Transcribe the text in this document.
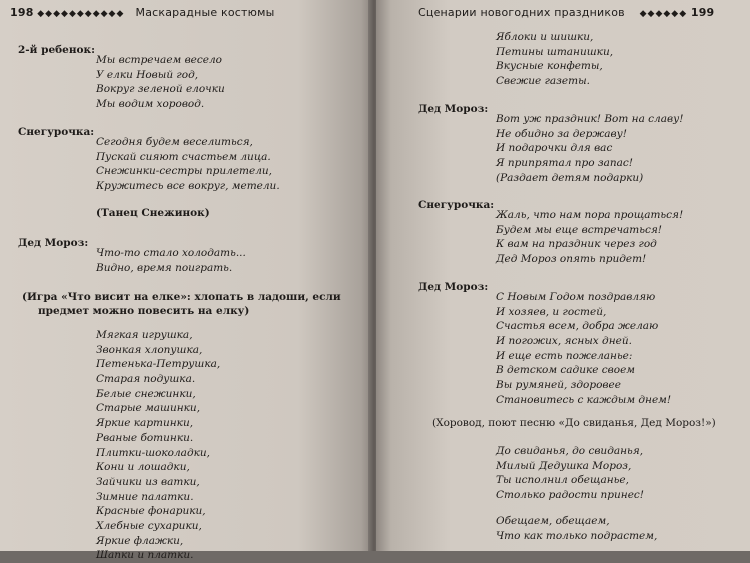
198 ◆◆◆◆◆◆◆◆◆◆◆ Маскарадные костюмы
2-й ребенок:
Мы встречаем весело
У елки Новый год,
Вокруг зеленой елочки
Мы водим хоровод.
Снегурочка:
Сегодня будем веселиться,
Пускай сияют счастьем лица.
Снежинки-сестры прилетели,
Кружитесь все вокруг, метели.
(Танец Снежинок)
Дед Мороз:
Что-то стало холодать...
Видно, время поиграть.
(Игра «Что висит на елке»: хлопать в ладоши, если
предмет можно повесить на елку)
Мягкая игрушка,
Звонкая хлопушка,
Петенька-Петрушка,
Старая подушка.
Белые снежинки,
Старые машинки,
Яркие картинки,
Рваные ботинки.
Плитки-шоколадки,
Кони и лошадки,
Зайчики из ватки,
Зимние палатки.
Красные фонарики,
Хлебные сухарики,
Яркие флажки,
Шапки и платки.
Сценарии новогодних праздников ◆◆◆◆◆◆ 199
Яблоки и шишки,
Петины штанишки,
Вкусные конфеты,
Свежие газеты.
Дед Мороз:
Вот уж праздник! Вот на славу!
Не обидно за державу!
И подарочки для вас
Я припрятал про запас!
(Раздает детям подарки)
Снегурочка:
Жаль, что нам пора прощаться!
Будем мы еще встречаться!
К вам на праздник через год
Дед Мороз опять придет!
Дед Мороз:
С Новым Годом поздравляю
И хозяев, и гостей,
Счастья всем, добра желаю
И погожих, ясных дней.
И еще есть пожеланье:
В детском садике своем
Вы румяней, здоровее
Становитесь с каждым днем!
(Хоровод, поют песню «До свиданья, Дед Мороз!»)
До свиданья, до свиданья,
Милый Дедушка Мороз,
Ты исполнил обещанье,
Столько радости принес!
Обещаем, обещаем,
Что как только подрастем,
